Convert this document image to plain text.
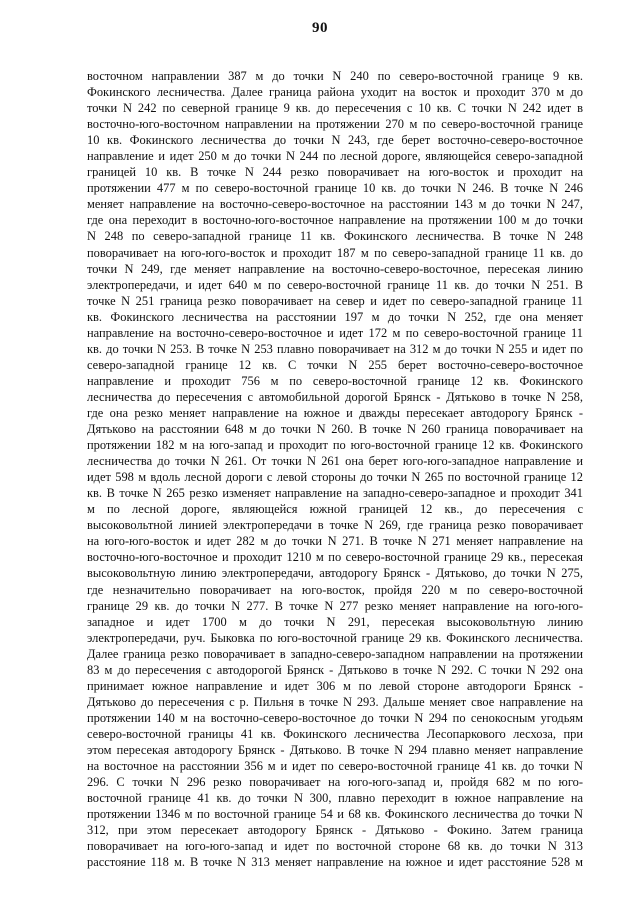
90
восточном направлении 387 м до точки N 240 по северо-восточной границе 9 кв.
Фокинского лесничества. Далее граница района уходит на восток и проходит 370 м до
точки N 242 по северной границе 9 кв. до пересечения с 10 кв. С точки N 242 идет в
восточно-юго-восточном направлении на протяжении 270 м по северо-восточной границе
10 кв. Фокинского лесничества до точки N 243, где берет восточно-северо-восточное
направление и идет 250 м до точки N 244 по лесной дороге, являющейся северо-западной
границей 10 кв. В точке N 244 резко поворачивает на юго-восток и проходит на
протяжении 477 м по северо-восточной границе 10 кв. до точки N 246. В точке N 246
меняет направление на восточно-северо-восточное на расстоянии 143 м до точки N 247,
где она переходит в восточно-юго-восточное направление на протяжении 100 м до точки
N 248 по северо-западной границе 11 кв. Фокинского лесничества. В точке N 248
поворачивает на юго-юго-восток и проходит 187 м по северо-западной границе 11 кв. до
точки N 249, где меняет направление на восточно-северо-восточное, пересекая линию
электропередачи, и идет 640 м по северо-восточной границе 11 кв. до точки N 251. В
точке N 251 граница резко поворачивает на север и идет по северо-западной границе 11
кв. Фокинского лесничества на расстоянии 197 м до точки N 252, где она меняет
направление на восточно-северо-восточное и идет 172 м по северо-восточной границе 11
кв. до точки N 253. В точке N 253 плавно поворачивает на 312 м до точки N 255 и идет по
северо-западной границе 12 кв. С точки N 255 берет восточно-северо-восточное
направление и проходит 756 м по северо-восточной границе 12 кв. Фокинского
лесничества до пересечения с автомобильной дорогой Брянск - Дятьково в точке N 258,
где она резко меняет направление на южное и дважды пересекает автодорогу Брянск -
Дятьково на расстоянии 648 м до точки N 260. В точке N 260 граница поворачивает на
протяжении 182 м на юго-запад и проходит по юго-восточной границе 12 кв. Фокинского
лесничества до точки N 261. От точки N 261 она берет юго-юго-западное направление и
идет 598 м вдоль лесной дороги с левой стороны до точки N 265 по восточной границе 12
кв. В точке N 265 резко изменяет направление на западно-северо-западное и проходит 341
м по лесной дороге, являющейся южной границей 12 кв., до пересечения с
высоковольтной линией электропередачи в точке N 269, где граница резко поворачивает
на юго-юго-восток и идет 282 м до точки N 271. В точке N 271 меняет направление на
восточно-юго-восточное и проходит 1210 м по северо-восточной границе 29 кв., пересекая
высоковольтную линию электропередачи, автодорогу Брянск - Дятьково, до точки N 275,
где незначительно поворачивает на юго-восток, пройдя 220 м по северо-восточной
границе 29 кв. до точки N 277. В точке N 277 резко меняет направление на юго-юго-
западное и идет 1700 м до точки N 291, пересекая высоковольтную линию
электропередачи, руч. Быковка по юго-восточной границе 29 кв. Фокинского лесничества.
Далее граница резко поворачивает в западно-северо-западном направлении на протяжении
83 м до пересечения с автодорогой Брянск - Дятьково в точке N 292. С точки N 292 она
принимает южное направление и идет 306 м по левой стороне автодороги Брянск -
Дятьково до пересечения с р. Пильня в точке N 293. Дальше меняет свое направление на
протяжении 140 м на восточно-северо-восточное до точки N 294 по сенокосным угодьям
северо-восточной границы 41 кв. Фокинского лесничества Лесопаркового лесхоза, при
этом пересекая автодорогу Брянск - Дятьково. В точке N 294 плавно меняет направление
на восточное на расстоянии 356 м и идет по северо-восточной границе 41 кв. до точки N
296. С точки N 296 резко поворачивает на юго-юго-запад и, пройдя 682 м по юго-
восточной границе 41 кв. до точки N 300, плавно переходит в южное направление на
протяжении 1346 м по восточной границе 54 и 68 кв. Фокинского лесничества до точки N
312, при этом пересекает автодорогу Брянск - Дятьково - Фокино. Затем граница
поворачивает на юго-юго-запад и идет по восточной стороне 68 кв. до точки N 313
расстояние 118 м. В точке N 313 меняет направление на южное и идет расстояние 528 м
